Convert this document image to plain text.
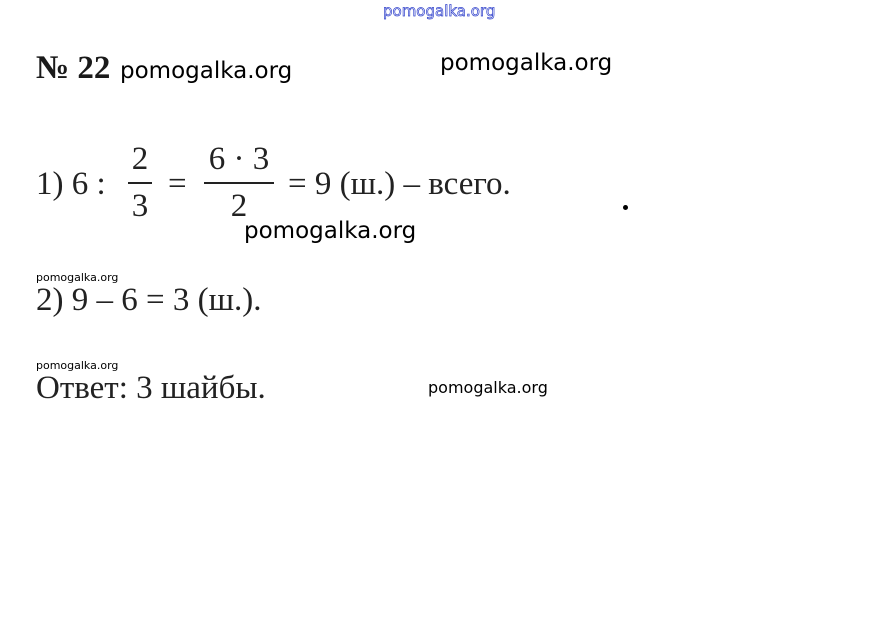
pomogalka.org
№ 22 pomogalka.org	pomogalka.org
1) 6 :
2
3
=
6 · 3
2
= 9 (ш.) – всего.
pomogalka.org
pomogalka.org
2) 9 – 6 = 3 (ш.).
pomogalka.org
Ответ: 3 шайбы.	pomogalka.org
